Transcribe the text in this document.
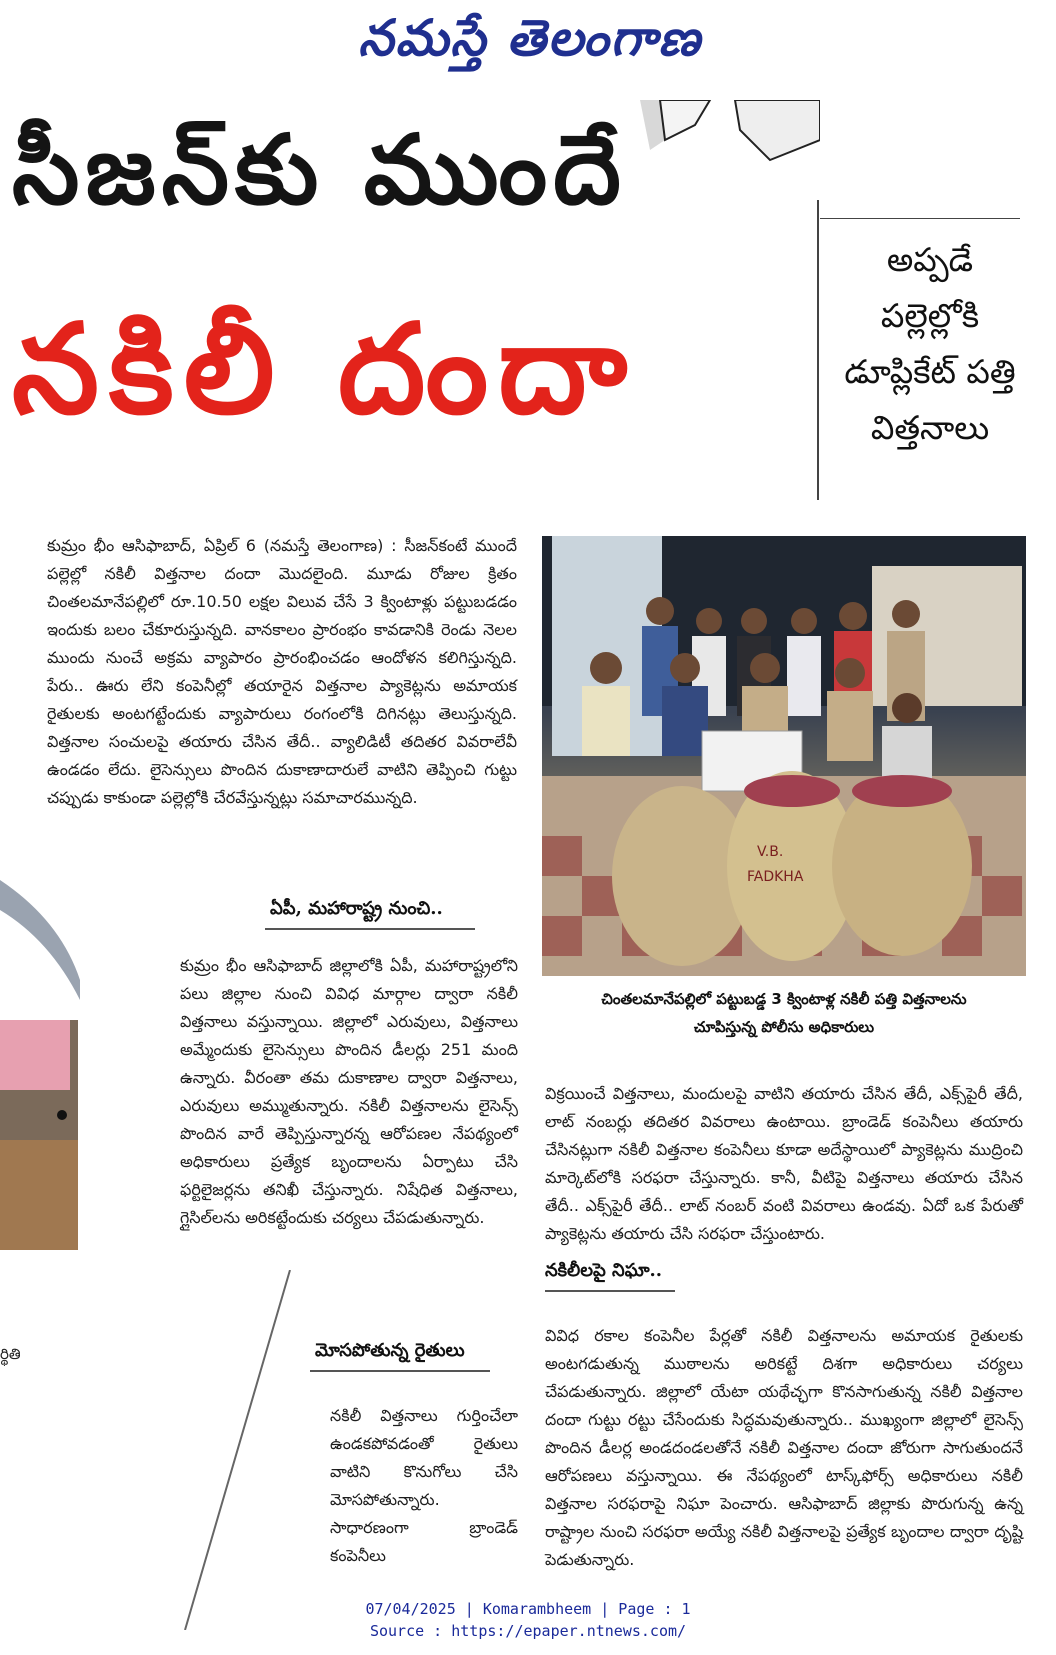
నమస్తే తెలంగాణ
సీజన్‌కు ముందే
నకిలీ దందా
అప్పడే
పల్లెల్లోకి
డూప్లికేట్ పత్తి
విత్తనాలు
కుమ్రం భీం ఆసిఫాబాద్, ఏప్రిల్ 6 (నమస్తే తెలంగాణ) : సీజన్‌కంటే ముందే పల్లెల్లో నకిలీ విత్తనాల దందా మొదలైంది. మూడు రోజుల క్రితం చింతలమానేపల్లిలో రూ.10.50 లక్షల విలువ చేసే 3 క్వింటాళ్లు పట్టుబడడం ఇందుకు బలం చేకూరుస్తున్నది. వానకాలం ప్రారంభం కావడానికి రెండు నెలల ముందు నుంచే అక్రమ వ్యాపారం ప్రారంభించడం ఆందోళన కలిగిస్తున్నది. పేరు.. ఊరు లేని కంపెనీల్లో తయారైన విత్తనాల ప్యాకెట్లను అమాయక రైతులకు అంటగట్టేందుకు వ్యాపారులు రంగంలోకి దిగినట్లు తెలుస్తున్నది. విత్తనాల సంచులపై తయారు చేసిన తేదీ.. వ్యాలిడిటీ తదితర వివరాలేవీ ఉండడం లేదు. లైసెన్సులు పొందిన దుకాణాదారులే వాటిని తెప్పించి గుట్టు చప్పుడు కాకుండా పల్లెల్లోకి చేరవేస్తున్నట్లు సమాచారమున్నది.
ఏపీ, మహారాష్ట్ర నుంచి..
కుమ్రం భీం ఆసిఫాబాద్ జిల్లాలోకి ఏపీ, మహారాష్ట్రలోని పలు జిల్లాల నుంచి వివిధ మార్గాల ద్వారా నకిలీ విత్తనాలు వస్తున్నాయి. జిల్లాలో ఎరువులు, విత్తనాలు అమ్మేందుకు లైసెన్సులు పొందిన డీలర్లు 251 మంది ఉన్నారు. వీరంతా తమ దుకాణాల ద్వారా విత్తనాలు, ఎరువులు అమ్ముతున్నారు. నకిలీ విత్తనాలను లైసెన్స్ పొందిన వారే తెప్పిస్తున్నారన్న ఆరోపణల నేపథ్యంలో అధికారులు ప్రత్యేక బృందాలను ఏర్పాటు చేసి ఫర్టిలైజర్లను తనిఖీ చేస్తున్నారు. నిషేధిత విత్తనాలు, గ్లైసిల్‌లను అరికట్టేందుకు చర్యలు చేపడుతున్నారు.
మోసపోతున్న రైతులు
నకిలీ విత్తనాలు గుర్తించేలా ఉండకపోవడంతో రైతులు వాటిని కొనుగోలు చేసి మోసపోతున్నారు. సాధారణంగా బ్రాండెడ్ కంపెనీలు
V.B.
FADKHA
చింతలమానేపల్లిలో పట్టుబడ్డ 3 క్వింటాళ్ల నకిలీ పత్తి విత్తనాలను
చూపిస్తున్న పోలీసు అధికారులు
విక్రయించే విత్తనాలు, మందులపై వాటిని తయారు చేసిన తేదీ, ఎక్స్‌పైరీ తేదీ, లాట్ నంబర్లు తదితర వివరాలు ఉంటాయి. బ్రాండెడ్ కంపెనీలు తయారు చేసినట్లుగా నకిలీ విత్తనాల కంపెనీలు కూడా అదేస్థాయిలో ప్యాకెట్లను ముద్రించి మార్కెట్‌లోకి సరఫరా చేస్తున్నారు. కానీ, వీటిపై విత్తనాలు తయారు చేసిన తేదీ.. ఎక్స్‌పైరీ తేదీ.. లాట్ నంబర్ వంటి వివరాలు ఉండవు. ఏదో ఒక పేరుతో ప్యాకెట్లను తయారు చేసి సరఫరా చేస్తుంటారు.
నకిలీలపై నిఘా..
వివిధ రకాల కంపెనీల పేర్లతో నకిలీ విత్తనాలను అమాయక రైతులకు అంటగడుతున్న ముఠాలను అరికట్టే దిశగా అధికారులు చర్యలు చేపడుతున్నారు. జిల్లాలో యేటా యథేచ్ఛగా కొనసాగుతున్న నకిలీ విత్తనాల దందా గుట్టు రట్టు చేసేందుకు సిద్ధమవుతున్నారు.. ముఖ్యంగా జిల్లాలో లైసెన్స్ పొందిన డీలర్ల అండదండలతోనే నకిలీ విత్తనాల దందా జోరుగా సాగుతుందనే ఆరోపణలు వస్తున్నాయి. ఈ నేపథ్యంలో టాస్క్‌ఫోర్స్ అధికారులు నకిలీ విత్తనాల సరఫరాపై నిఘా పెంచారు. ఆసిఫాబాద్ జిల్లాకు పొరుగున్న ఉన్న రాష్ట్రాల నుంచి సరఫరా అయ్యే నకిలీ విత్తనాలపై ప్రత్యేక బృందాల ద్వారా దృష్టి పెడుతున్నారు.
ర్థితి
07/04/2025 | Komarambheem | Page : 1
Source : https://epaper.ntnews.com/
